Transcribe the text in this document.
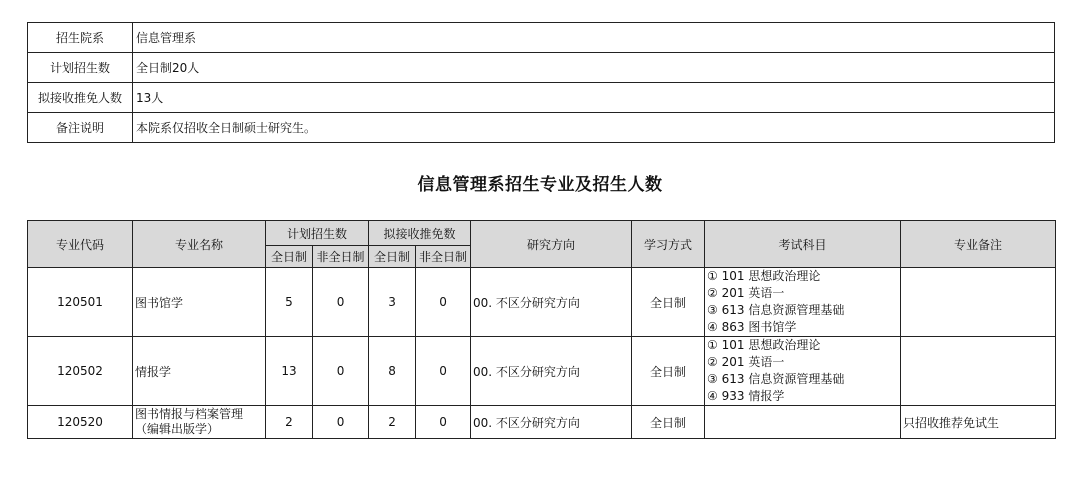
招生院系	信息管理系
计划招生数	全日制20人
拟接收推免人数	13人
备注说明	本院系仅招收全日制硕士研究生。
信息管理系招生专业及招生人数
专业代码	专业名称	计划招生数		拟接收推免数		研究方向	学习方式	考试科目	专业备注
		全日制	非全日制	全日制	非全日制				
120501	图书馆学	5	0	3	0	00. 不区分研究方向	全日制	① 101 思想政治理论
② 201 英语一
③ 613 信息资源管理基础
④ 863 图书馆学	

120502	情报学	13	0	8	0	00. 不区分研究方向	全日制	① 101 思想政治理论
② 201 英语一
③ 613 信息资源管理基础
④ 933 情报学	

120520	图书情报与档案管理（编辑出版学）	2	0	2	0	00. 不区分研究方向	全日制		只招收推荐免试生
